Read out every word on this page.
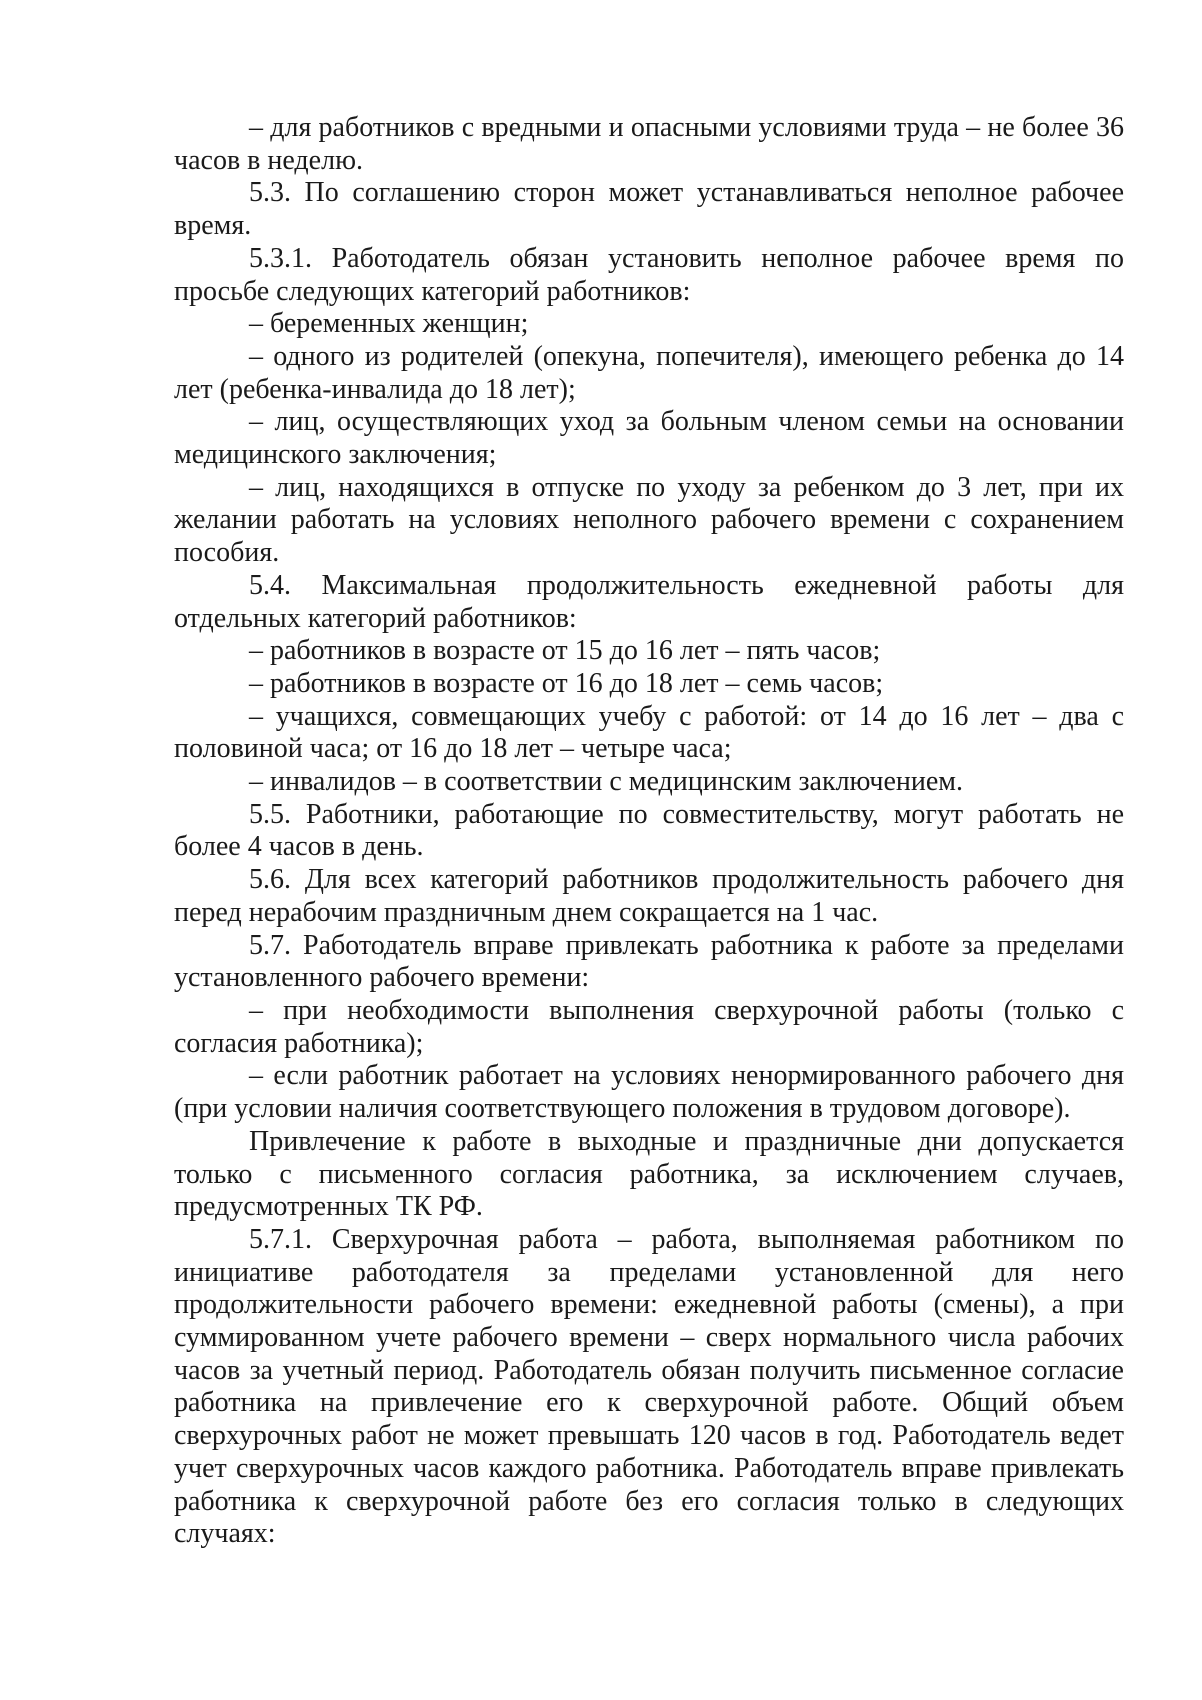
– для работников с вредными и опасными условиями труда – не более 36 часов в неделю.

5.3. По соглашению сторон может устанавливаться неполное рабочее время.

5.3.1. Работодатель обязан установить неполное рабочее время по просьбе следующих категорий работников:

– беременных женщин;

– одного из родителей (опекуна, попечителя), имеющего ребенка до 14 лет (ребенка-инвалида до 18 лет);

– лиц, осуществляющих уход за больным членом семьи на основании медицинского заключения;

– лиц, находящихся в отпуске по уходу за ребенком до 3 лет, при их желании работать на условиях неполного рабочего времени с сохранением пособия.

5.4. Максимальная продолжительность ежедневной работы для отдельных категорий работников:

– работников в возрасте от 15 до 16 лет – пять часов;

– работников в возрасте от 16 до 18 лет – семь часов;

– учащихся, совмещающих учебу с работой: от 14 до 16 лет – два с половиной часа; от 16 до 18 лет – четыре часа;

– инвалидов – в соответствии с медицинским заключением.

5.5. Работники, работающие по совместительству, могут работать не более 4 часов в день.

5.6. Для всех категорий работников продолжительность рабочего дня перед нерабочим праздничным днем сокращается на 1 час.

5.7. Работодатель вправе привлекать работника к работе за пределами установленного рабочего времени:

– при необходимости выполнения сверхурочной работы (только с согласия работника);

– если работник работает на условиях ненормированного рабочего дня (при условии наличия соответствующего положения в трудовом договоре).

Привлечение к работе в выходные и праздничные дни допускается только с письменного согласия работника, за исключением случаев, предусмотренных ТК РФ.

5.7.1. Сверхурочная работа – работа, выполняемая работником по инициативе работодателя за пределами установленной для него продолжительности рабочего времени: ежедневной работы (смены), а при суммированном учете рабочего времени – сверх нормального числа рабочих часов за учетный период. Работодатель обязан получить письменное согласие работника на привлечение его к сверхурочной работе. Общий объем сверхурочных работ не может превышать 120 часов в год. Работодатель ведет учет сверхурочных часов каждого работника. Работодатель вправе привлекать работника к сверхурочной работе без его согласия только в следующих случаях:
